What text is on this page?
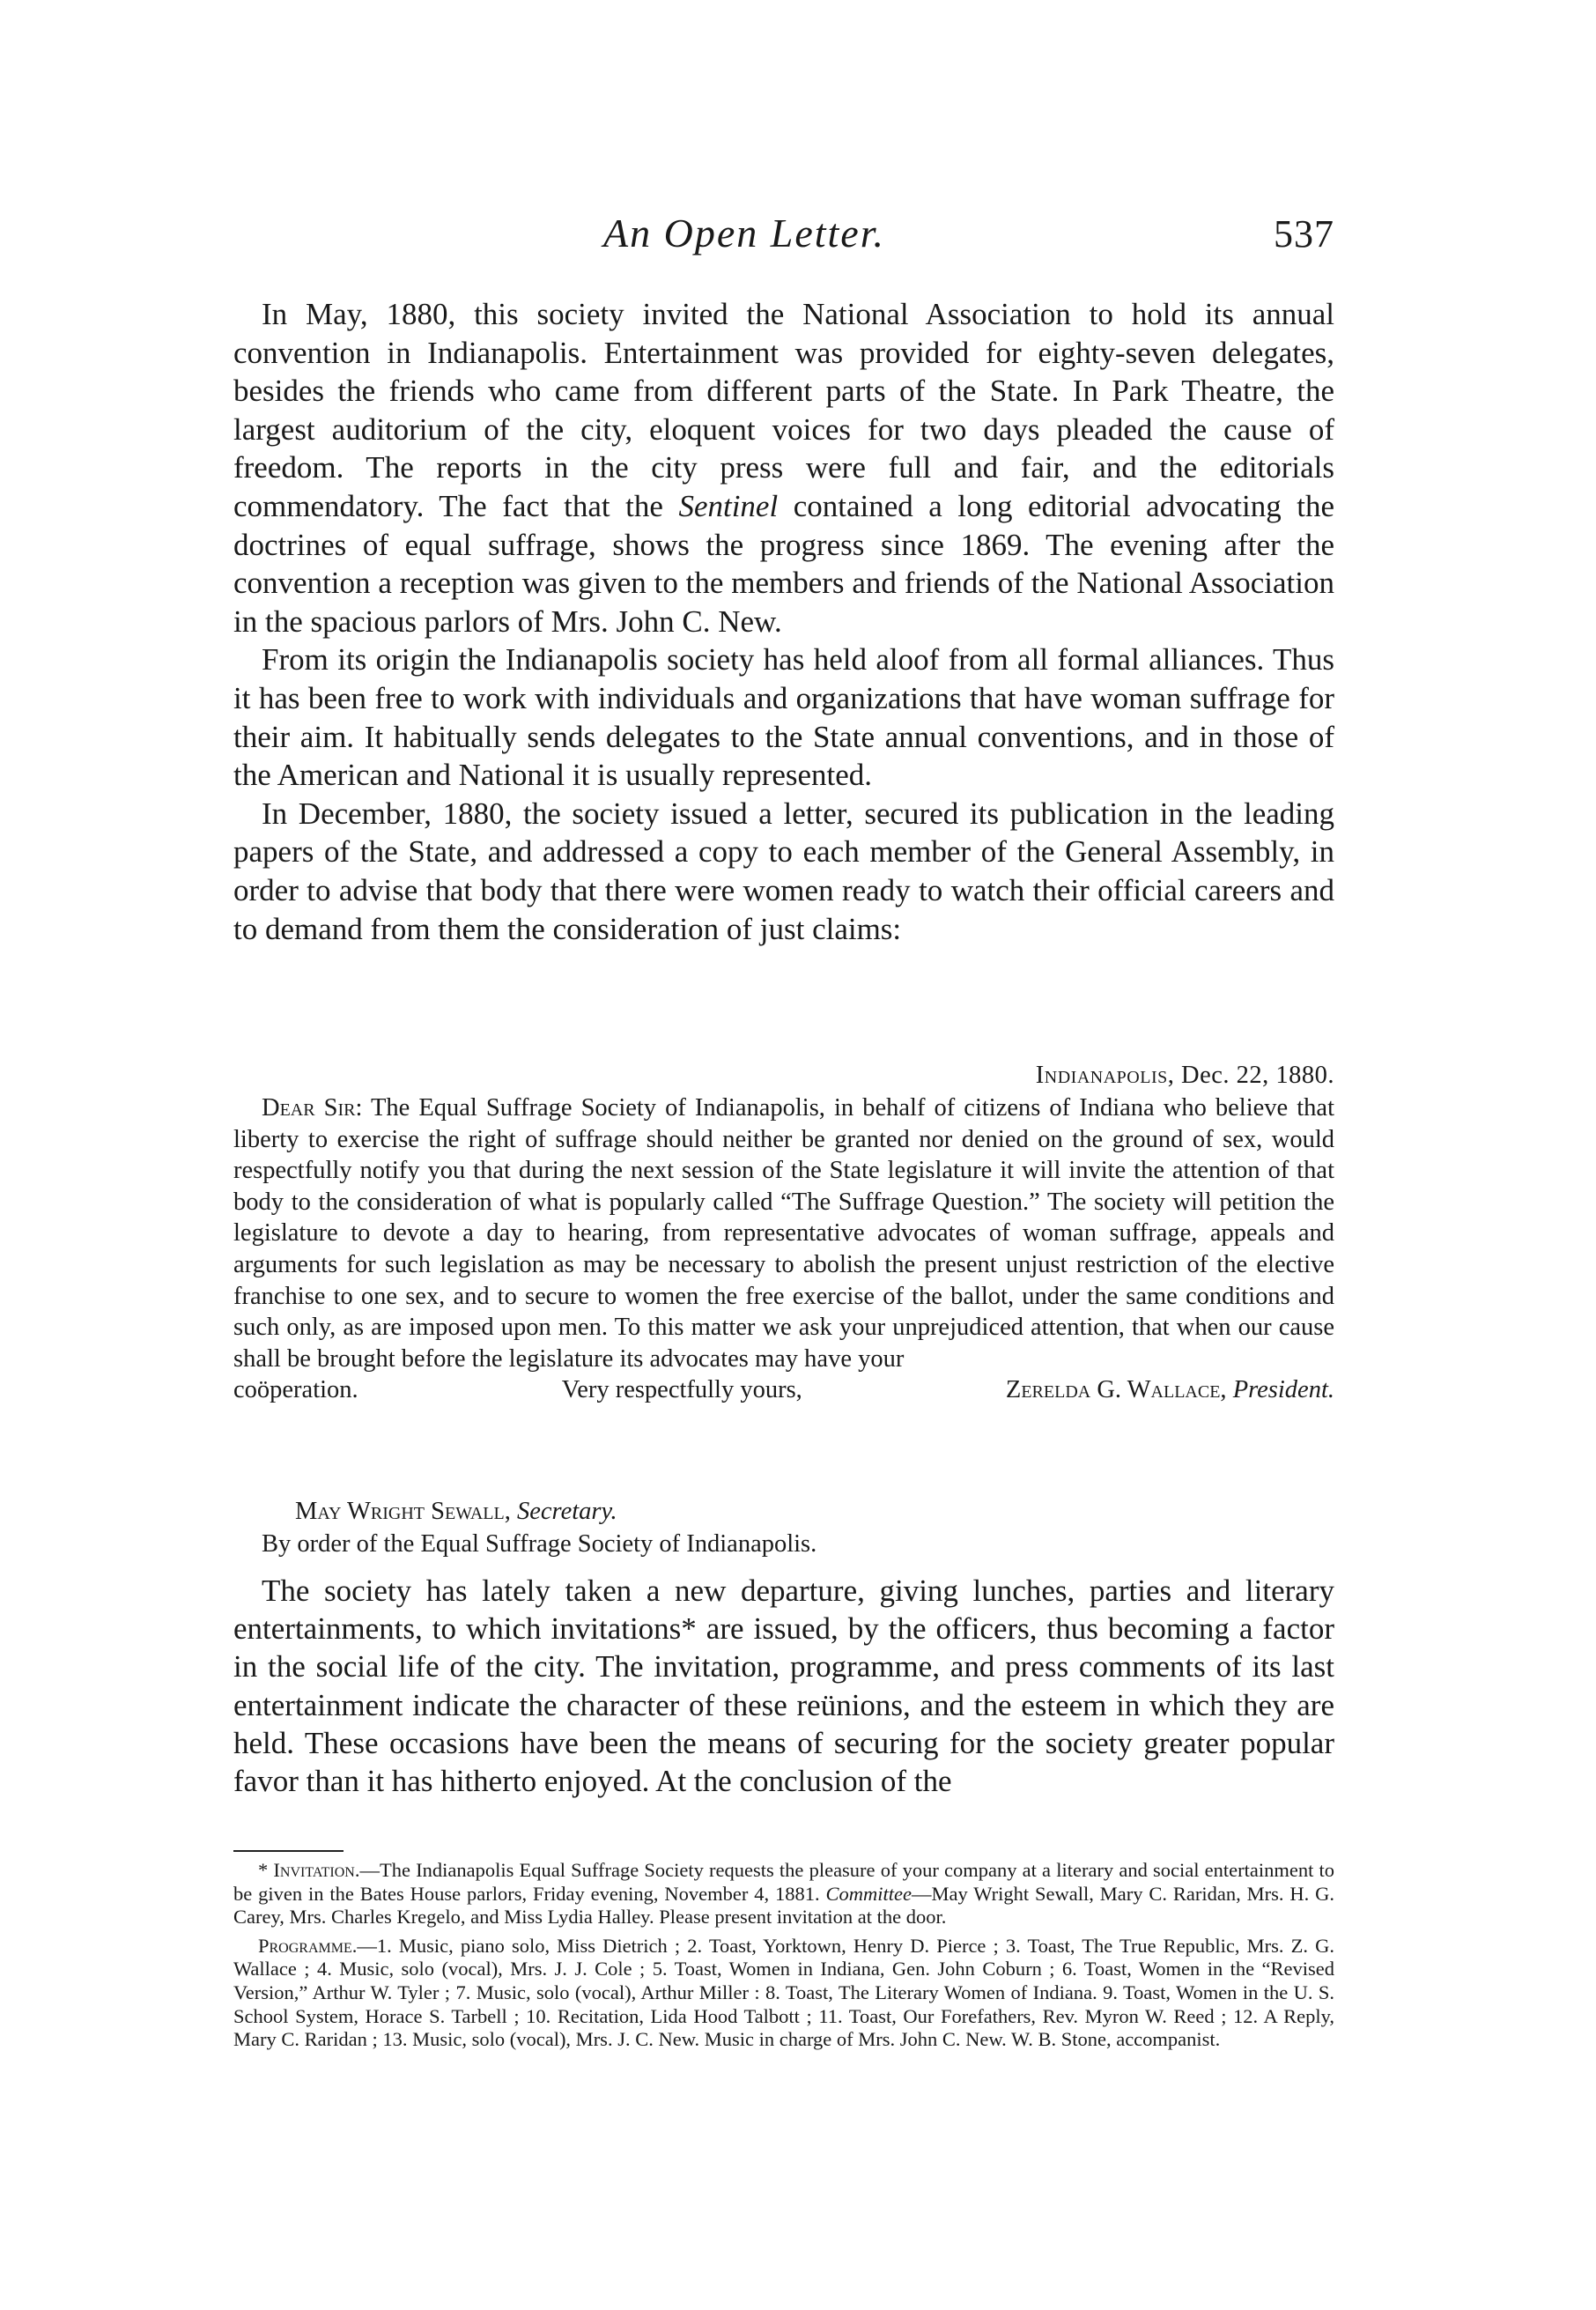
An Open Letter.	537

In May, 1880, this society invited the National Association to hold its annual convention in Indianapolis. Entertainment was provided for eighty-seven delegates, besides the friends who came from different parts of the State. In Park Theatre, the largest auditorium of the city, eloquent voices for two days pleaded the cause of freedom. The reports in the city press were full and fair, and the editorials commendatory. The fact that the Sentinel contained a long editorial advocating the doctrines of equal suffrage, shows the progress since 1869. The evening after the convention a reception was given to the members and friends of the National Association in the spacious parlors of Mrs. John C. New.

From its origin the Indianapolis society has held aloof from all formal alliances. Thus it has been free to work with individuals and organizations that have woman suffrage for their aim. It habitually sends delegates to the State annual conventions, and in those of the American and National it is usually represented.

In December, 1880, the society issued a letter, secured its publication in the leading papers of the State, and addressed a copy to each member of the General Assembly, in order to advise that body that there were women ready to watch their official careers and to demand from them the consideration of just claims:

Indianapolis, Dec. 22, 1880.

Dear Sir: The Equal Suffrage Society of Indianapolis, in behalf of citizens of Indiana who believe that liberty to exercise the right of suffrage should neither be granted nor denied on the ground of sex, would respectfully notify you that during the next session of the State legislature it will invite the attention of that body to the consideration of what is popularly called “The Suffrage Question.” The society will petition the legislature to devote a day to hearing, from representative advocates of woman suffrage, appeals and arguments for such legislation as may be necessary to abolish the present unjust restriction of the elective franchise to one sex, and to secure to women the free exercise of the ballot, under the same conditions and such only, as are imposed upon men. To this matter we ask your unprejudiced attention, that when our cause shall be brought before the legislature its advocates may have your

coöperation.	Very respectfully yours,	Zerelda G. Wallace, President.
May Wright Sewall, Secretary.
By order of the Equal Suffrage Society of Indianapolis.

The society has lately taken a new departure, giving lunches, parties and literary entertainments, to which invitations* are issued, by the officers, thus becoming a factor in the social life of the city. The invitation, programme, and press comments of its last entertainment indicate the character of these reünions, and the esteem in which they are held. These occasions have been the means of securing for the society greater popular favor than it has hitherto enjoyed. At the conclusion of the

* Invitation.—The Indianapolis Equal Suffrage Society requests the pleasure of your company at a literary and social entertainment to be given in the Bates House parlors, Friday evening, November 4, 1881. Committee—May Wright Sewall, Mary C. Raridan, Mrs. H. G. Carey, Mrs. Charles Kregelo, and Miss Lydia Halley. Please present invitation at the door.

Programme.—1. Music, piano solo, Miss Dietrich ; 2. Toast, Yorktown, Henry D. Pierce ; 3. Toast, The True Republic, Mrs. Z. G. Wallace ; 4. Music, solo (vocal), Mrs. J. J. Cole ; 5. Toast, Women in Indiana, Gen. John Coburn ; 6. Toast, Women in the “Revised Version,” Arthur W. Tyler ; 7. Music, solo (vocal), Arthur Miller : 8. Toast, The Literary Women of Indiana. 9. Toast, Women in the U. S. School System, Horace S. Tarbell ; 10. Recitation, Lida Hood Talbott ; 11. Toast, Our Forefathers, Rev. Myron W. Reed ; 12. A Reply, Mary C. Raridan ; 13. Music, solo (vocal), Mrs. J. C. New. Music in charge of Mrs. John C. New. W. B. Stone, accompanist.
